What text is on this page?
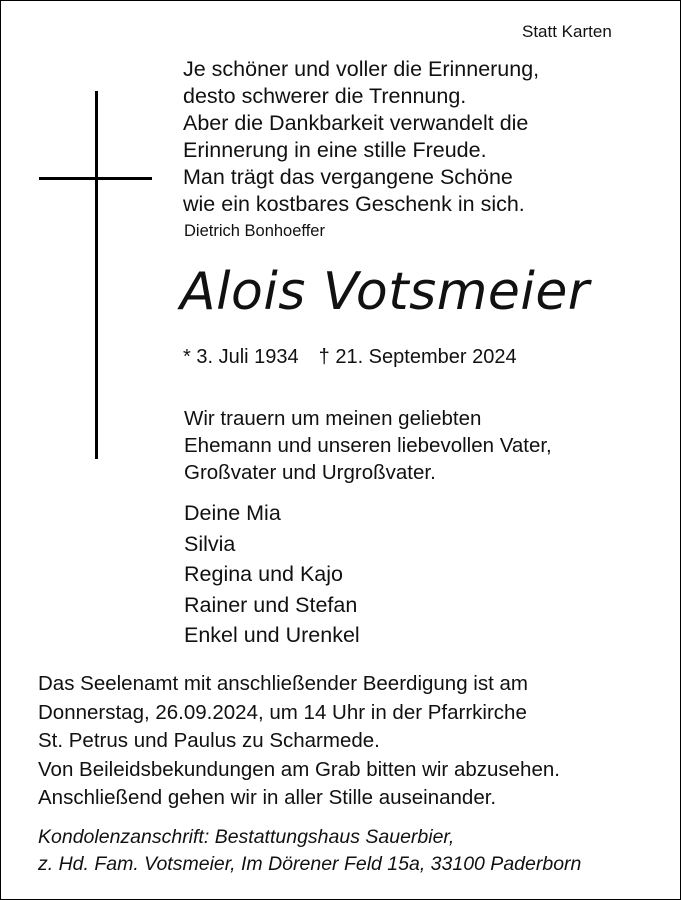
Statt Karten
Je schöner und voller die Erinnerung,
desto schwerer die Trennung.
Aber die Dankbarkeit verwandelt die
Erinnerung in eine stille Freude.
Man trägt das vergangene Schöne
wie ein kostbares Geschenk in sich.
Dietrich Bonhoeffer
Alois Votsmeier
* 3. Juli 1934 † 21. September 2024
Wir trauern um meinen geliebten
Ehemann und unseren liebevollen Vater,
Großvater und Urgroßvater.
Deine Mia
Silvia
Regina und Kajo
Rainer und Stefan
Enkel und Urenkel
Das Seelenamt mit anschließender Beerdigung ist am
Donnerstag, 26.09.2024, um 14 Uhr in der Pfarrkirche
St. Petrus und Paulus zu Scharmede.
Von Beileidsbekundungen am Grab bitten wir abzusehen.
Anschließend gehen wir in aller Stille auseinander.
Kondolenzanschrift: Bestattungshaus Sauerbier,
z. Hd. Fam. Votsmeier, Im Dörener Feld 15a, 33100 Paderborn
